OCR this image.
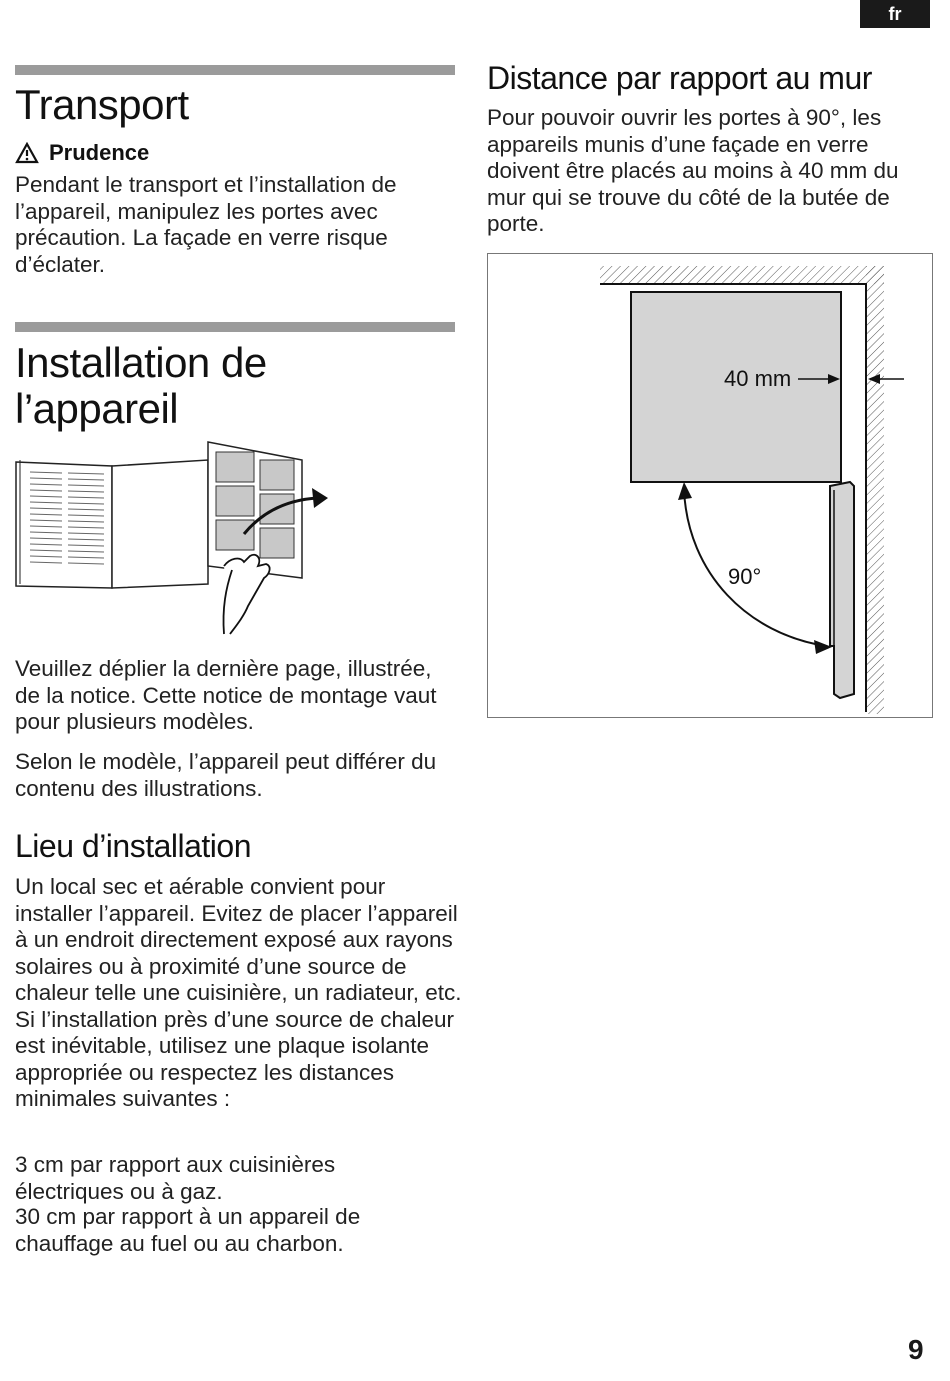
fr
Transport
Prudence

Pendant le transport et l’installation de l’appareil, manipulez les portes avec précaution. La façade en verre risque d’éclater.

Installation de
l’appareil

Veuillez déplier la dernière page, illustrée, de la notice. Cette notice de montage vaut pour plusieurs modèles.

Selon le modèle, l’appareil peut différer du contenu des illustrations.

Lieu d’installation

Un local sec et aérable convient pour installer l’appareil. Evitez de placer l’appareil à un endroit directement exposé aux rayons solaires ou à proximité d’une source de chaleur telle une cuisinière, un radiateur, etc. Si l’installation près d’une source de chaleur est inévitable, utilisez une plaque isolante appropriée ou respectez les distances minimales suivantes :

3 cm par rapport aux cuisinières électriques ou à gaz.

30 cm par rapport à un appareil de chauffage au fuel ou au charbon.

Distance par rapport au mur

Pour pouvoir ouvrir les portes à 90°, les appareils munis d’une façade en verre doivent être placés au moins à 40 mm du mur qui se trouve du côté de la butée de porte.

40 mm
90°
9
